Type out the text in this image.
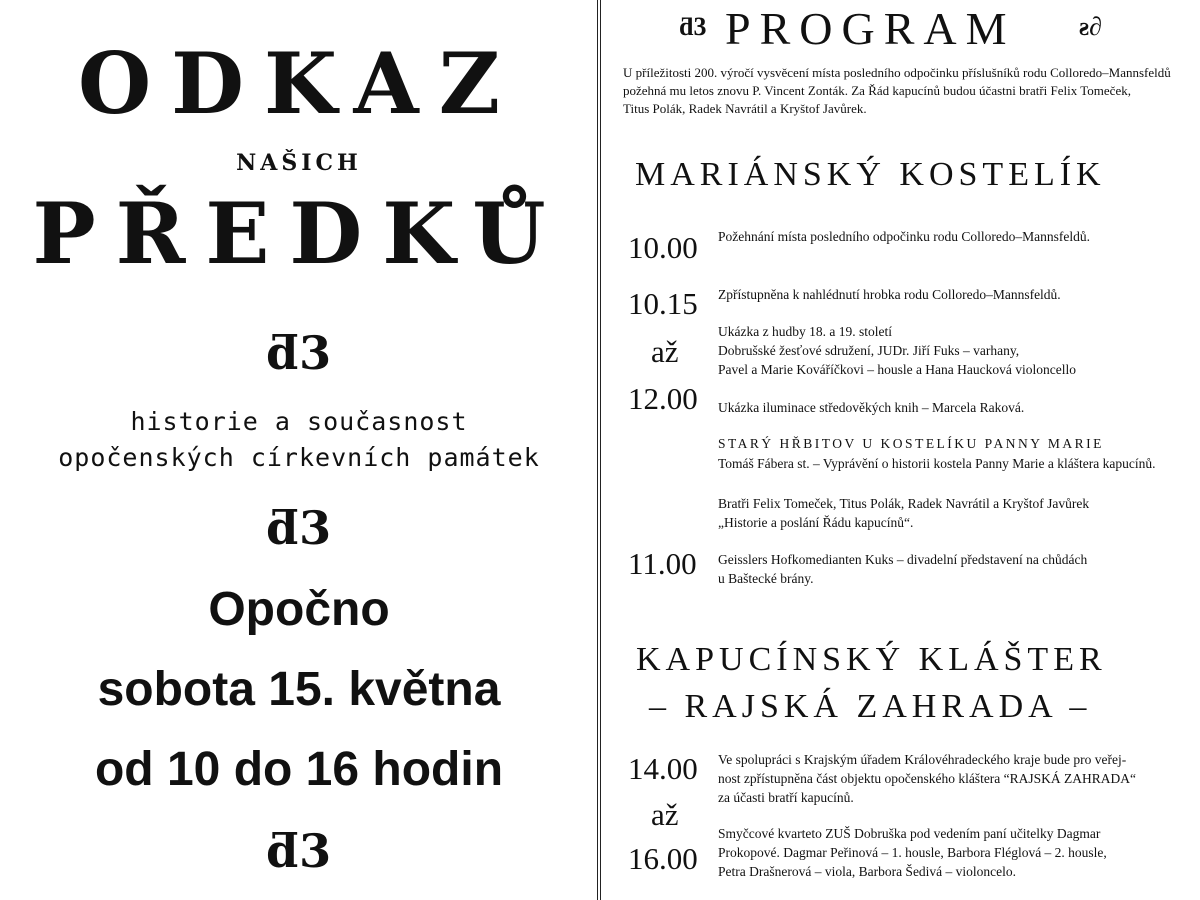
ODKAZ
NAŠICH
PŘEDKŮ
ƌ3
historie a současnost
opočenských církevních památek
ƌ3
Opočno
sobota 15. května
od 10 do 16 hodin
ƌ3
ƌ3 PROGRAM ƨ∂
U příležitosti 200. výročí vysvěcení místa posledního odpočinku příslušníků rodu Colloredo–Mannsfeldů
požehná mu letos znovu P. Vincent Zonták. Za Řád kapucínů budou účastni bratři Felix Tomeček,
Titus Polák, Radek Navrátil a Kryštof Javůrek.
MARIÁNSKÝ KOSTELÍK
10.00
10.15
až
12.00
11.00
Požehnání místa posledního odpočinku rodu Colloredo–Mannsfeldů.
Zpřístupněna k nahlédnutí hrobka rodu Colloredo–Mannsfeldů.
Ukázka z hudby 18. a 19. století
Dobrušské žesťové sdružení, JUDr. Jiří Fuks – varhany,
Pavel a Marie Kováříčkovi – housle a Hana Haucková violoncello
Ukázka iluminace středověkých knih – Marcela Raková.
STARÝ HŘBITOV U KOSTELÍKU PANNY MARIE
Tomáš Fábera st. – Vyprávění o historii kostela Panny Marie a kláštera kapucínů.
Bratři Felix Tomeček, Titus Polák, Radek Navrátil a Kryštof Javůrek
„Historie a poslání Řádu kapucínů“.
Geisslers Hofkomedianten Kuks – divadelní představení na chůdách
u Baštecké brány.
KAPUCÍNSKÝ KLÁŠTER
– RAJSKÁ ZAHRADA –
14.00
až
16.00
Ve spolupráci s Krajským úřadem Královéhradeckého kraje bude pro veřej-
nost zpřístupněna část objektu opočenského kláštera “RAJSKÁ ZAHRADA“
za účasti bratří kapucínů.
Smyčcové kvarteto ZUŠ Dobruška pod vedením paní učitelky Dagmar
Prokopové. Dagmar Peřinová – 1. housle, Barbora Fléglová – 2. housle,
Petra Drašnerová – viola, Barbora Šedivá – violoncelo.
